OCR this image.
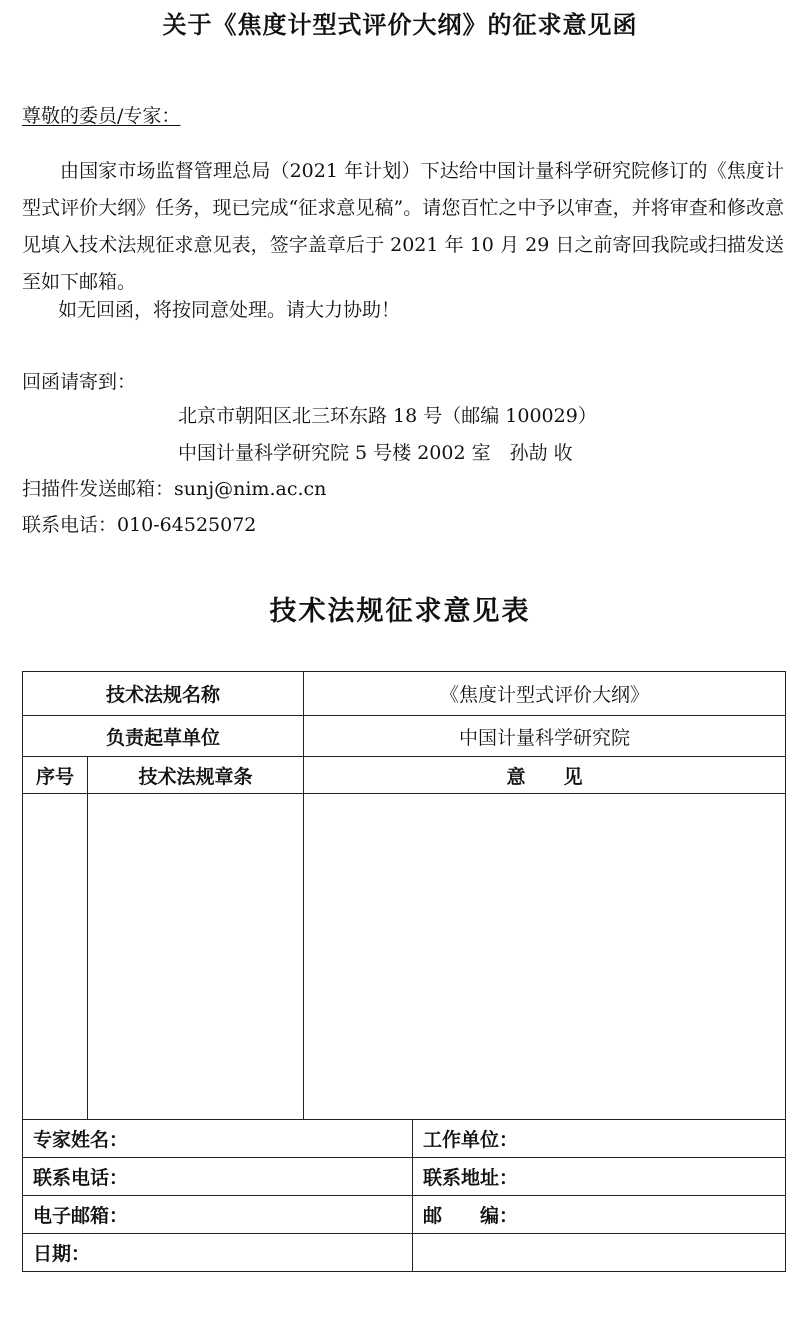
关于《焦度计型式评价大纲》的征求意见函
尊敬的委员/专家：
由国家市场监督管理总局（2021 年计划）下达给中国计量科学研究院修订的《焦度计型式评价大纲》任务，现已完成“征求意见稿”。请您百忙之中予以审查，并将审查和修改意见填入技术法规征求意见表，签字盖章后于 2021 年 10 月 29 日之前寄回我院或扫描发送至如下邮箱。
如无回函，将按同意处理。请大力协助！
回函请寄到：
北京市朝阳区北三环东路 18 号（邮编 100029）
中国计量科学研究院 5 号楼 2002 室　孙劼 收
扫描件发送邮箱：sunj@nim.ac.cn
联系电话：010-64525072
技术法规征求意见表
技术法规名称		《焦度计型式评价大纲》	
负责起草单位		中国计量科学研究院	
序号	技术法规章条	意　　见	

专家姓名：			工作单位：
联系电话：			联系地址：
电子邮箱：			邮　　编：
日期：			
